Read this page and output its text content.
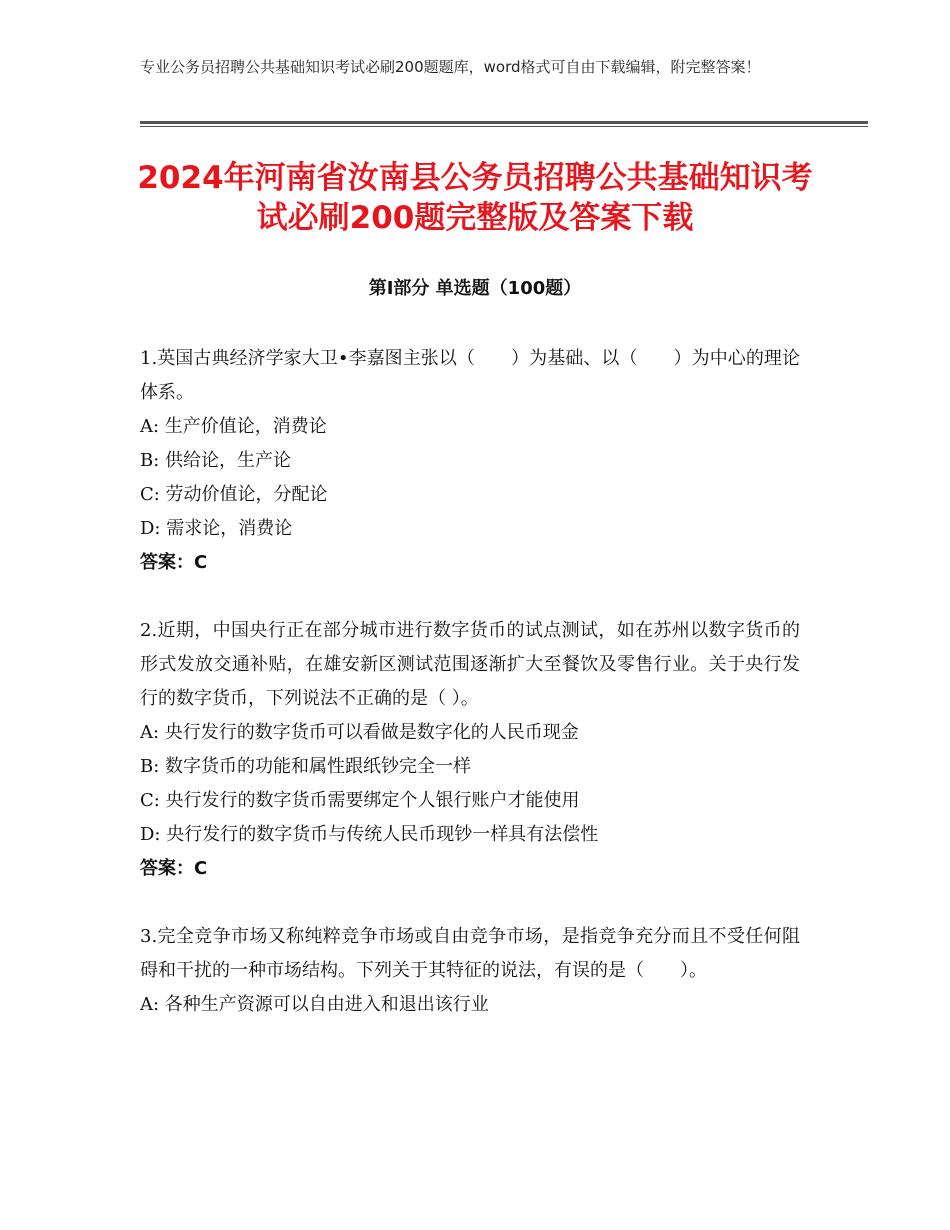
专业公务员招聘公共基础知识考试必刷200题题库，word格式可自由下载编辑，附完整答案！
2024年河南省汝南县公务员招聘公共基础知识考试必刷200题完整版及答案下载
第Ⅰ部分 单选题（100题）

1.英国古典经济学家大卫•李嘉图主张以（　　）为基础、以（　　）为中心的理论体系。

A: 生产价值论，消费论

B: 供给论，生产论

C: 劳动价值论，分配论

D: 需求论，消费论

答案：C

2.近期，中国央行正在部分城市进行数字货币的试点测试，如在苏州以数字货币的形式发放交通补贴，在雄安新区测试范围逐渐扩大至餐饮及零售行业。关于央行发行的数字货币，下列说法不正确的是（ ）。

A: 央行发行的数字货币可以看做是数字化的人民币现金

B: 数字货币的功能和属性跟纸钞完全一样

C: 央行发行的数字货币需要绑定个人银行账户才能使用

D: 央行发行的数字货币与传统人民币现钞一样具有法偿性

答案：C

3.完全竞争市场又称纯粹竞争市场或自由竞争市场，是指竞争充分而且不受任何阻碍和干扰的一种市场结构。下列关于其特征的说法，有误的是（　　）。

A: 各种生产资源可以自由进入和退出该行业
